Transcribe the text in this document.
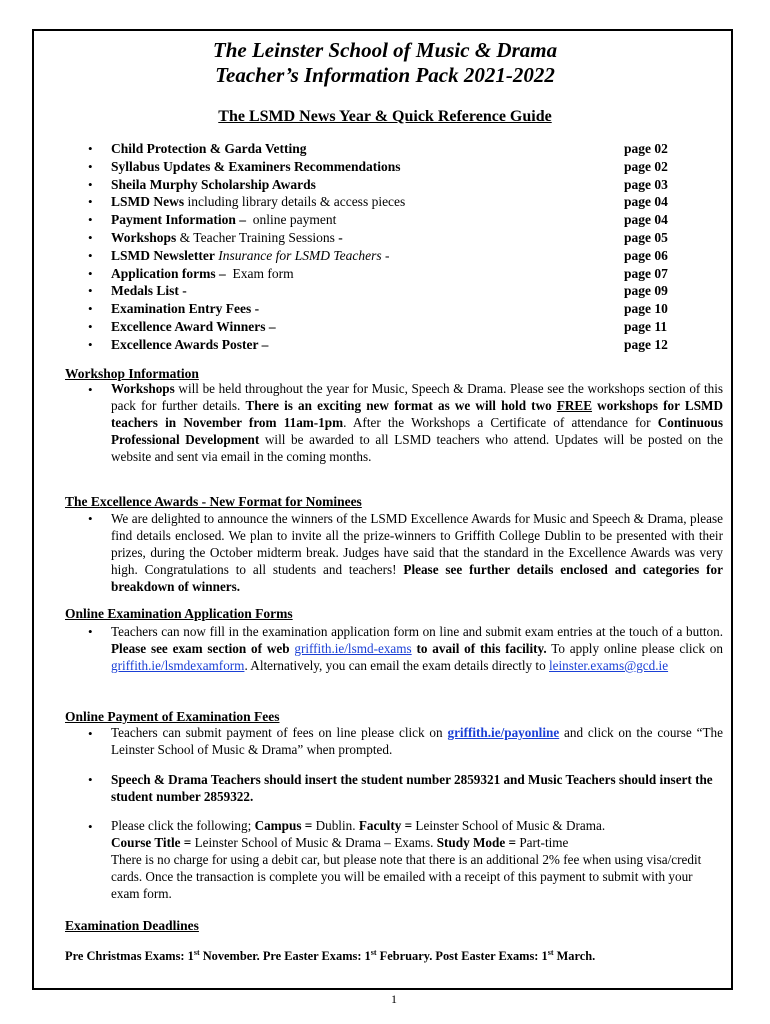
The Leinster School of Music & Drama
Teacher’s Information Pack 2021-2022
The LSMD News Year & Quick Reference Guide
• Child Protection & Garda Vetting	page 02
• Syllabus Updates & Examiners Recommendations	page 02
• Sheila Murphy Scholarship Awards	page 03
• LSMD News including library details & access pieces	page 04
• Payment Information –  online payment	page 04
• Workshops & Teacher Training Sessions -	page 05
• LSMD Newsletter Insurance for LSMD Teachers -	page 06
• Application forms –  Exam form	page 07
• Medals List -	page 09
• Examination Entry Fees -	page 10
• Excellence Award Winners –	page 11
• Excellence Awards Poster –	page 12
Workshop Information
• Workshops will be held throughout the year for Music, Speech & Drama. Please see the workshops section of this pack for further details. There is an exciting new format as we will hold two FREE workshops for LSMD teachers in November from 11am-1pm. After the Workshops a Certificate of attendance for Continuous Professional Development will be awarded to all LSMD teachers who attend. Updates will be posted on the website and sent via email in the coming months.
The Excellence Awards - New Format for Nominees
• We are delighted to announce the winners of the LSMD Excellence Awards for Music and Speech & Drama, please find details enclosed. We plan to invite all the prize-winners to Griffith College Dublin to be presented with their prizes, during the October midterm break. Judges have said that the standard in the Excellence Awards was very high. Congratulations to all students and teachers! Please see further details enclosed and categories for breakdown of winners.
Online Examination Application Forms
• Teachers can now fill in the examination application form on line and submit exam entries at the touch of a button. Please see exam section of web griffith.ie/lsmd-exams to avail of this facility. To apply online please click on griffith.ie/lsmdexamform. Alternatively, you can email the exam details directly to leinster.exams@gcd.ie
Online Payment of Examination Fees
• Teachers can submit payment of fees on line please click on griffith.ie/payonline and click on the course “The Leinster School of Music & Drama” when prompted.
• Speech & Drama Teachers should insert the student number 2859321 and Music Teachers should insert the student number 2859322.
• Please click the following; Campus = Dublin. Faculty = Leinster School of Music & Drama.
Course Title = Leinster School of Music & Drama – Exams. Study Mode = Part-time
There is no charge for using a debit car, but please note that there is an additional 2% fee when using visa/credit cards. Once the transaction is complete you will be emailed with a receipt of this payment to submit with your exam form.
Examination Deadlines
Pre Christmas Exams: 1st November. Pre Easter Exams: 1st February. Post Easter Exams: 1st March.
1
